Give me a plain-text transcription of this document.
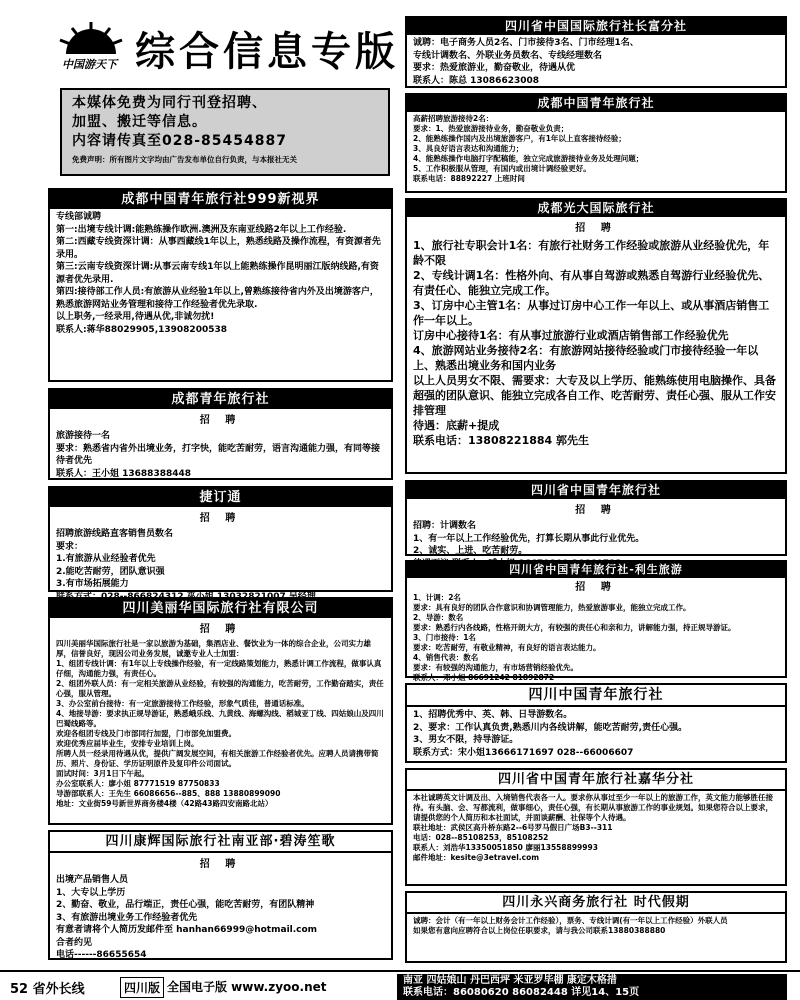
中国游天下 综合信息专版
本媒体免费为同行刊登招聘、
加盟、搬迁等信息。
内容请传真至028-85454887
免费声明：所有图片文字均由广告发布单位自行负责，与本报社无关
成都中国青年旅行社999新视界

专线部诚聘

第一:出境专线计调:能熟练操作欧洲.澳洲及东南亚线路2年以上工作经验.

第二:西藏专线资深计调：从事西藏线1年以上，熟悉线路及操作流程，有资源者先录用。

第三:云南专线资深计调:从事云南专线1年以上能熟练操作昆明丽江版纳线路,有资源者优先录用.

第四:接待部工作人员:有旅游从业经验1年以上,曾熟练接待省内外及出境游客户，熟悉旅游网站业务管理和接待工作经验者优先录取.

以上职务,一经录用,待遇从优,非诚勿扰!

联系人:蒋华88029905,13908200538

成都青年旅行社
招 聘

旅游接待一名

要求：熟悉省内省外出境业务，打字快，能吃苦耐劳，语言沟通能力强，有同等接待者优先

联系人：王小姐 13688388448

捷订通
招 聘

招聘旅游线路直客销售员数名

要求：

1.有旅游从业经验者优先

2.能吃苦耐劳，团队意识强

3.有市场拓展能力

四川美丽华国际旅行社有限公司
招 聘

四川美丽华国际旅行社是一家以旅游为基础，集酒店业、餐饮业为一体的综合企业，公司实力雄厚，信誉良好，现因公司业务发展，诚邀专业人士加盟：

1、组团专线计调：有1年以上专线操作经验，有一定线路策划能力，熟悉计调工作流程，做事认真仔细，沟通能力强，有责任心。

2、组团外联人员：有一定相关旅游从业经验，有较强的沟通能力，吃苦耐劳，工作勤奋踏实，责任心强，服从管理。

3、办公室前台接待：有一定旅游接待工作经验，形象气质佳，普通话标准。

4、地接导游：要求执正规导游证，熟悉峨乐线、九黄线、海螺沟线、稻城亚丁线、四姑娘山及四川巴蜀线路等。

欢迎各组团专线及门市部同行加盟，门市部免加盟费。

欢迎优秀应届毕业生，安排专业培训上岗。

所聘人员一经录用待遇从优，提供广阔发展空间，有相关旅游工作经验者优先。应聘人员请携带简历、照片、身份证、学历证明原件及复印件公司面试。

面试时间：3月1日下午起。

办公室联系人：廖小姐 87771519 87750833

导游部联系人：王先生 66086656--885、888 13880899090

地址：文业街59号新世界商务楼4楼（42路43路四安南路北站）

四川康辉国际旅行社南亚部·碧涛笙歌
招 聘

出境产品销售人员

1、大专以上学历

2、勤奋、敬业，品行端正，责任心强，能吃苦耐劳，有团队精神

3、有旅游出境业务工作经验者优先

有意者请将个人简历发邮件至 hanhan66999@hotmail.com

合者约见

电话------86655654

四川省中国国际旅行社长富分社

诚聘：电子商务人员2名、门市接待3名、门市经理1名、

专线计调数名、外联业务员数名、专线经理数名

要求：热爱旅游业，勤奋敬业，待遇从优

联系人：陈总 13086623008

成都中国青年旅行社

高薪招聘旅游接待2名：

要求：1、热爱旅游接待业务，勤奋敬业负责；

2、能熟练操作国内及出境旅游客户，有1年以上直客接待经验；

3、具良好语言表达和沟通能力；

4、能熟练操作电脑打字配稿能，独立完成旅游接待业务及处理问题；

5、工作积极服从管理，有国内或出境计调经验更好。

联系电话：88892227 上班时间

成都光大国际旅行社
招 聘

1、旅行社专职会计1名：有旅行社财务工作经验或旅游从业经验优先，年龄不限

2、专线计调1名：性格外向、有从事自驾游或熟悉自驾游行业经验优先、有责任心、能独立完成工作。

3、订房中心主管1名：从事过订房中心工作一年以上、或从事酒店销售工作一年以上。

订房中心接待1名：有从事过旅游行业或酒店销售部工作经验优先

4、旅游网站业务接待2名：有旅游网站接待经验或门市接待经验一年以上、熟悉出境业务和国内业务

以上人员男女不限、需要求：大专及以上学历、能熟练使用电脑操作、具备超强的团队意识、能独立完成各自工作、吃苦耐劳、责任心强、服从工作安排管理

待遇：底薪+提成

联系电话：13808221884 郭先生

四川省中国青年旅行社
招 聘

招聘：计调数名

1、有一年以上工作经验优先，打算长期从事此行业优先。

2、诚实、上进、吃苦耐劳。

四川省中国青年旅行社-利生旅游
招 聘

1、计调：2名

要求：具有良好的团队合作意识和协调管理能力，热爱旅游事业，能独立完成工作。

2、导游：数名

要求：熟悉行内各线路，性格开朗大方，有较强的责任心和亲和力，讲解能力强，持正规导游证。

3、门市接待：1名

要求：吃苦耐劳，有敬业精神，有良好的语言表达能力。

4、销售代表：数名

要求：有较强的沟通能力，有市场营销经验优先。

联系人：邓小姐 86691242 81892872

四川中国青年旅行社

1、招聘优秀中、英、韩、日导游数名。

2、要求：工作认真负责,熟悉川内各线讲解，能吃苦耐劳,责任心强。

3、男女不限，持导游证。

联系方式：宋小姐13666171697 028--66006607

四川省中国青年旅行社嘉华分社

本社诚聘英文计调及出、入境销售代表各一人。要求你从事过至少一年以上的旅游工作，英文能力能够胜任接待。有头脑、会、写都流利，做事细心，责任心强，有长期从事旅游工作的事业规划。如果您符合以上要求，请提供您的个人简历和本社面试，并面谈薪酬、社保等个人待遇。

联社地址：武侯区高升桥东路2--6号罗马假日广场B3--311

电话：028--85108253，85108252

联系人：刘浩华13350051850 廖丽13558899993

邮件地址：kesite@3etravel.com

四川永兴商务旅行社 时代假期

诚聘：会计（有一年以上财务会计工作经验），票务、专线计调(有一年以上工作经验）外联人员

如果您有意向应聘符合以上岗位任职要求，请与我公司联系13880388880

52 省外长线	四川版 全国电子版 www.zyoo.net	南亚 四姑娘山 丹巴西坪 米亚罗毕棚 康定木格措
联系电话：86080620 86082448 详见14、15页
